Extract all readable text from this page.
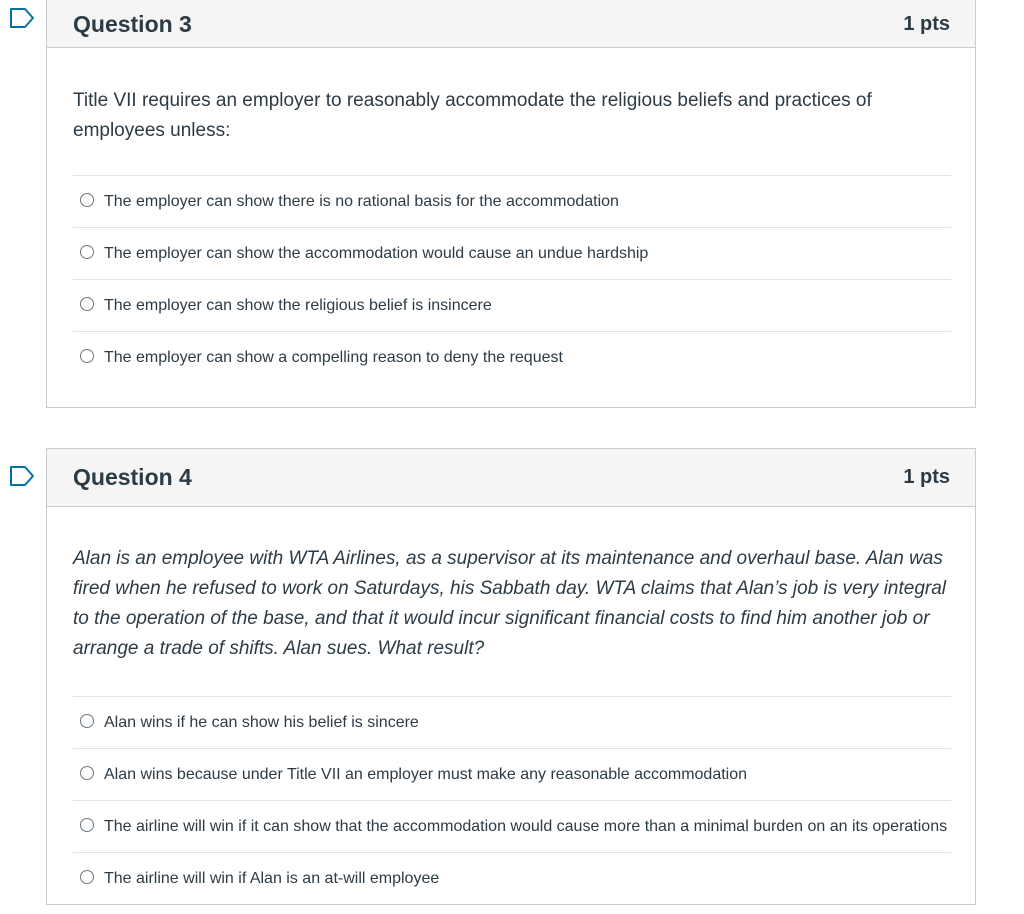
Question 3	1 pts

Title VII requires an employer to reasonably accommodate the religious beliefs and practices of employees unless:

The employer can show there is no rational basis for the accommodation
The employer can show the accommodation would cause an undue hardship
The employer can show the religious belief is insincere
The employer can show a compelling reason to deny the request
Question 4	1 pts

Alan is an employee with WTA Airlines, as a supervisor at its maintenance and overhaul base. Alan was fired when he refused to work on Saturdays, his Sabbath day. WTA claims that Alan’s job is very integral to the operation of the base, and that it would incur significant financial costs to find him another job or arrange a trade of shifts. Alan sues. What result?

Alan wins if he can show his belief is sincere
Alan wins because under Title VII an employer must make any reasonable accommodation
The airline will win if it can show that the accommodation would cause more than a minimal burden on an its operations
The airline will win if Alan is an at-will employee
